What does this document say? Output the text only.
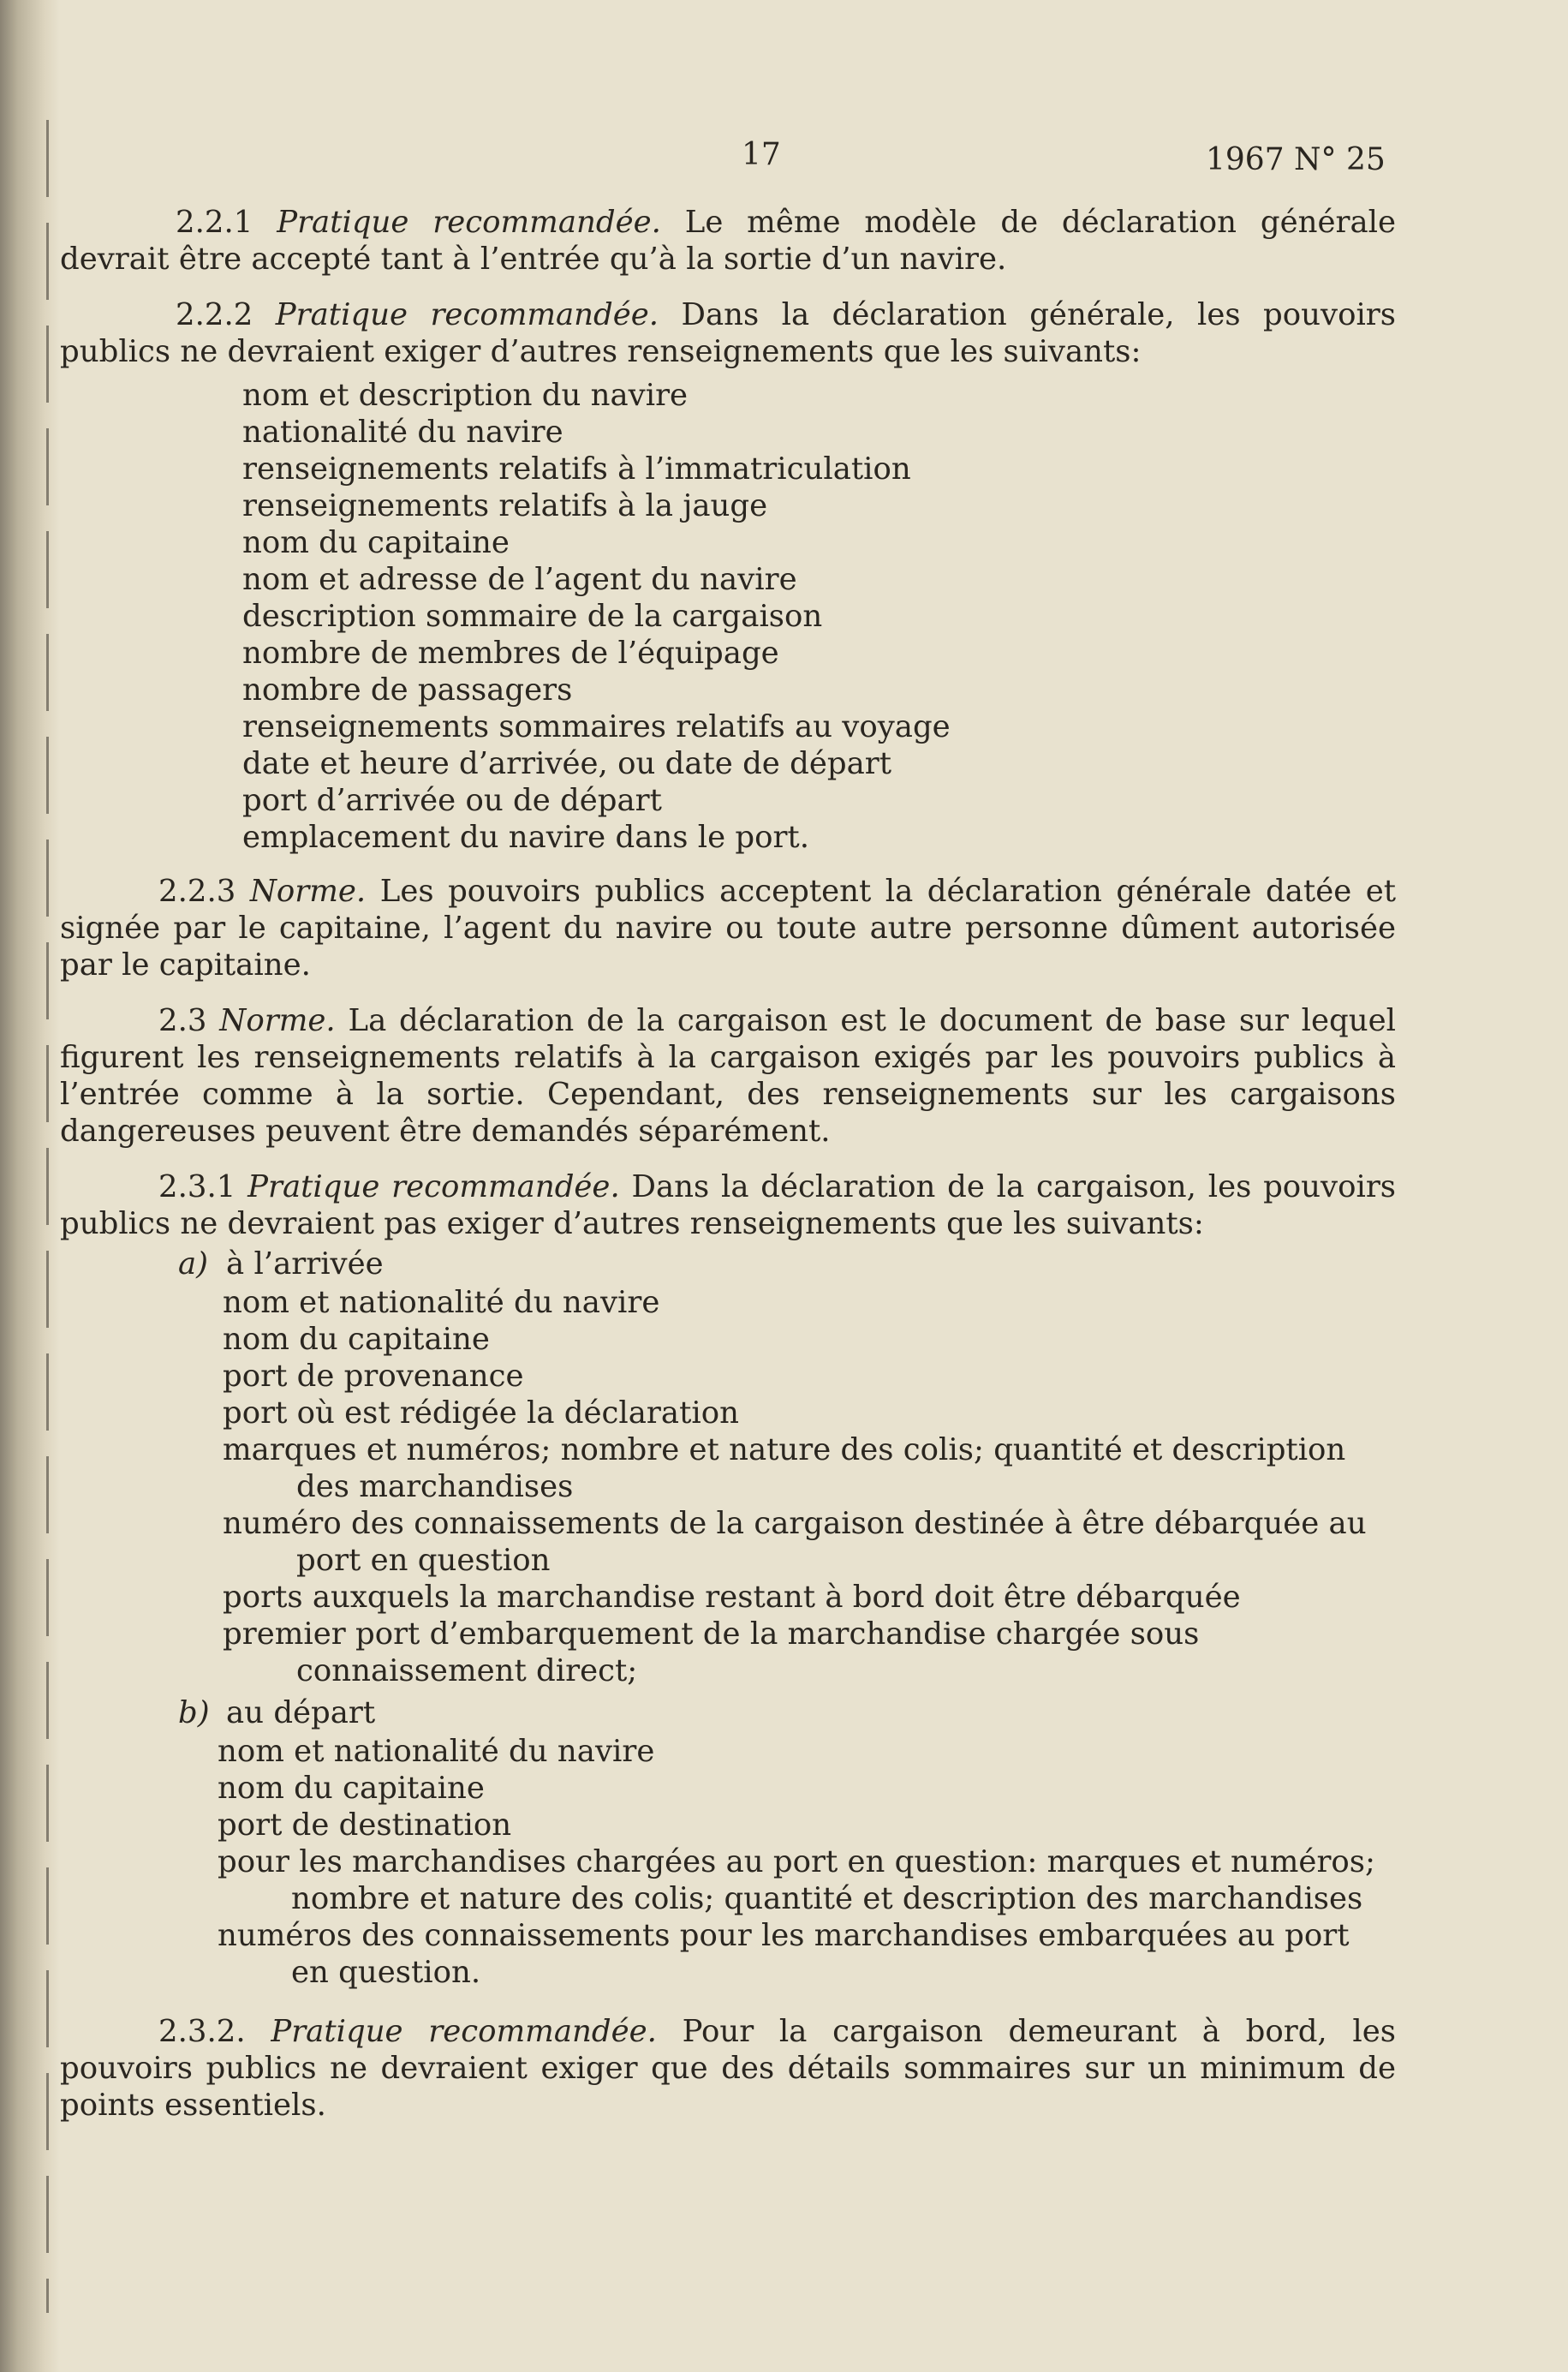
17	1967 N° 25

2.2.1 Pratique recommandée. Le même modèle de déclaration générale devrait être accepté tant à l’entrée qu’à la sortie d’un navire.

2.2.2 Pratique recommandée. Dans la déclaration générale, les pouvoirs publics ne devraient exiger d’autres renseignements que les suivants:

nom et description du navire
nationalité du navire
renseignements relatifs à l’immatriculation
renseignements relatifs à la jauge
nom du capitaine
nom et adresse de l’agent du navire
description sommaire de la cargaison
nombre de membres de l’équipage
nombre de passagers
renseignements sommaires relatifs au voyage
date et heure d’arrivée, ou date de départ
port d’arrivée ou de départ
emplacement du navire dans le port.

2.2.3 Norme. Les pouvoirs publics acceptent la déclaration générale datée et signée par le capitaine, l’agent du navire ou toute autre personne dûment autorisée par le capitaine.

2.3 Norme. La déclaration de la cargaison est le document de base sur lequel figurent les renseignements relatifs à la cargaison exigés par les pouvoirs publics à l’entrée comme à la sortie. Cependant, des renseignements sur les cargaisons dangereuses peuvent être demandés séparément.

2.3.1 Pratique recommandée. Dans la déclaration de la cargaison, les pouvoirs publics ne devraient pas exiger d’autres renseignements que les suivants:

a) à l’arrivée
nom et nationalité du navire
nom du capitaine
port de provenance
port où est rédigée la déclaration
marques et numéros; nombre et nature des colis; quantité et description des marchandises
numéro des connaissements de la cargaison destinée à être débarquée au port en question
ports auxquels la marchandise restant à bord doit être débarquée
premier port d’embarquement de la marchandise chargée sous connaissement direct;
b) au départ
nom et nationalité du navire
nom du capitaine
port de destination
pour les marchandises chargées au port en question: marques et numéros; nombre et nature des colis; quantité et description des marchandises
numéros des connaissements pour les marchandises embarquées au port en question.

2.3.2. Pratique recommandée. Pour la cargaison demeurant à bord, les pouvoirs publics ne devraient exiger que des détails sommaires sur un minimum de points essentiels.
